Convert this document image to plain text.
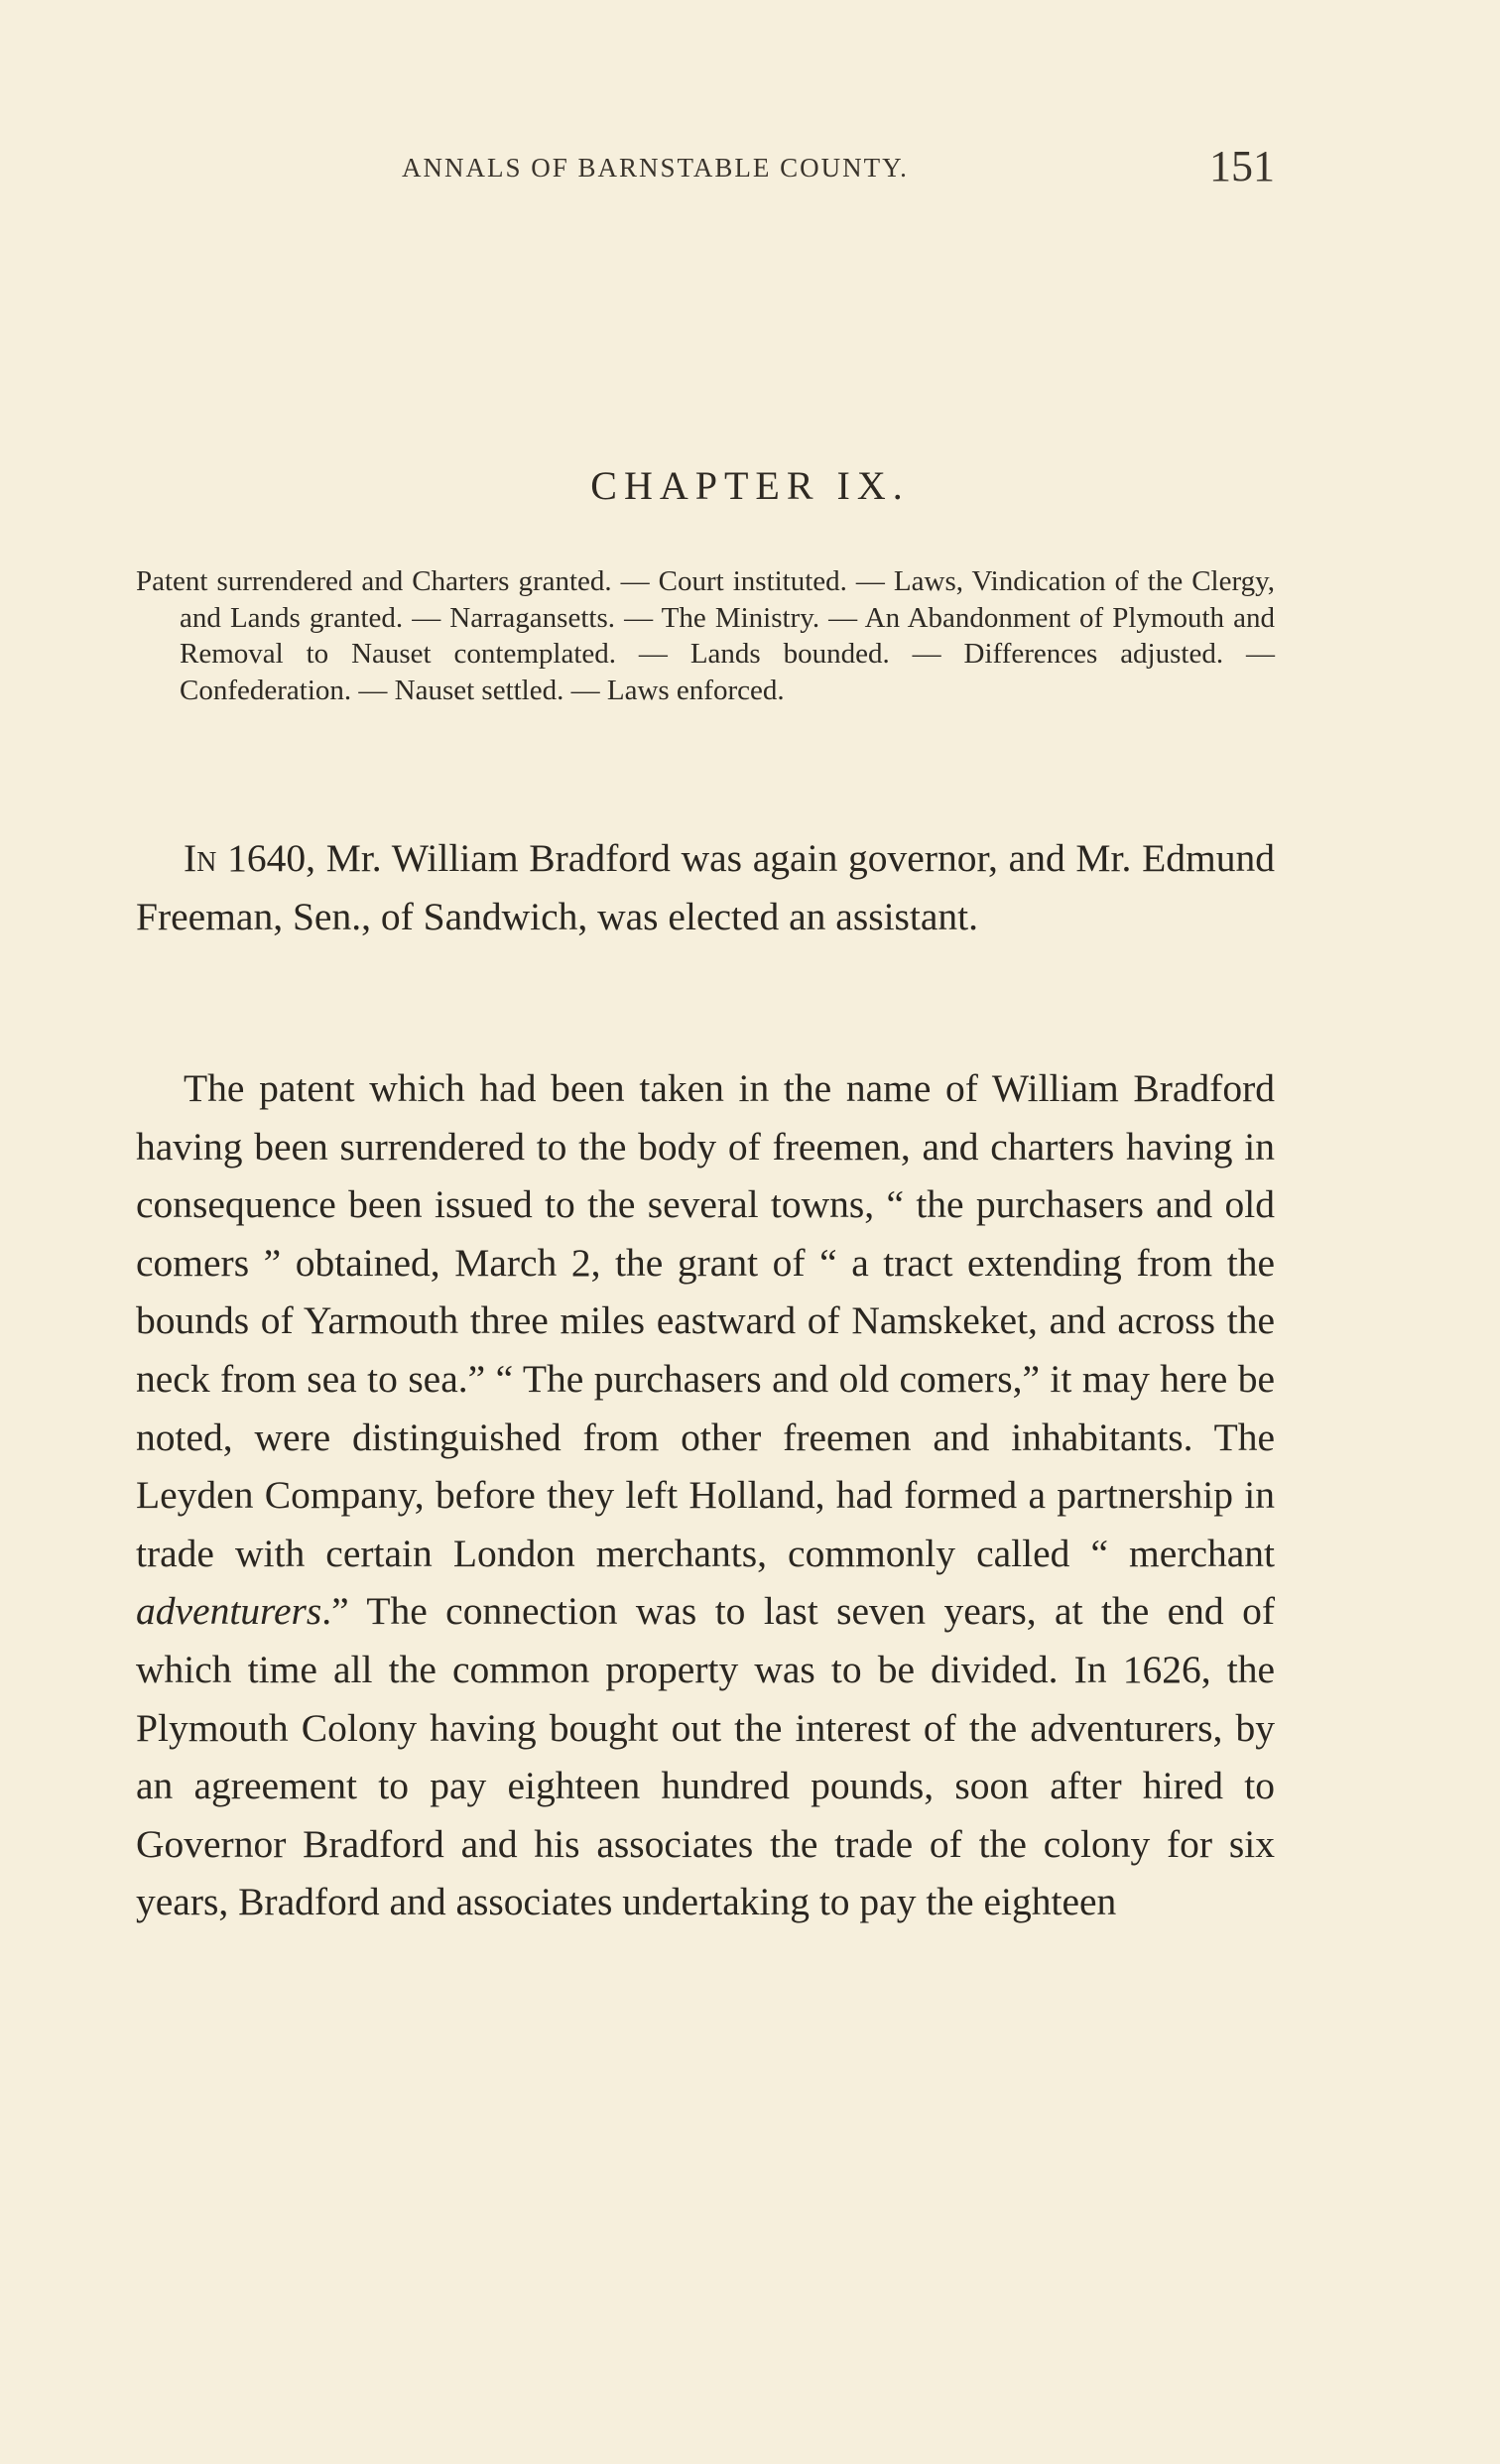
ANNALS OF BARNSTABLE COUNTY.	151
CHAPTER IX.

Patent surrendered and Charters granted. — Court instituted. — Laws, Vindication of the Clergy, and Lands granted. — Narragansetts. — The Ministry. — An Abandonment of Plymouth and Removal to Nauset contemplated. — Lands bounded. — Differences adjusted. — Confederation. — Nauset settled. — Laws enforced.

In 1640, Mr. William Bradford was again governor, and Mr. Edmund Freeman, Sen., of Sandwich, was elected an assistant.

The patent which had been taken in the name of William Bradford having been surrendered to the body of freemen, and charters having in consequence been issued to the several towns, “ the purchasers and old comers ” obtained, March 2, the grant of “ a tract extending from the bounds of Yarmouth three miles eastward of Namskeket, and across the neck from sea to sea.” “ The purchasers and old comers,” it may here be noted, were distinguished from other freemen and inhabitants. The Leyden Company, before they left Holland, had formed a partnership in trade with certain London merchants, commonly called “ merchant adventurers.” The connection was to last seven years, at the end of which time all the common property was to be divided. In 1626, the Plymouth Colony having bought out the interest of the adventurers, by an agreement to pay eighteen hundred pounds, soon after hired to Governor Bradford and his associates the trade of the colony for six years, Bradford and associates undertaking to pay the eighteen
